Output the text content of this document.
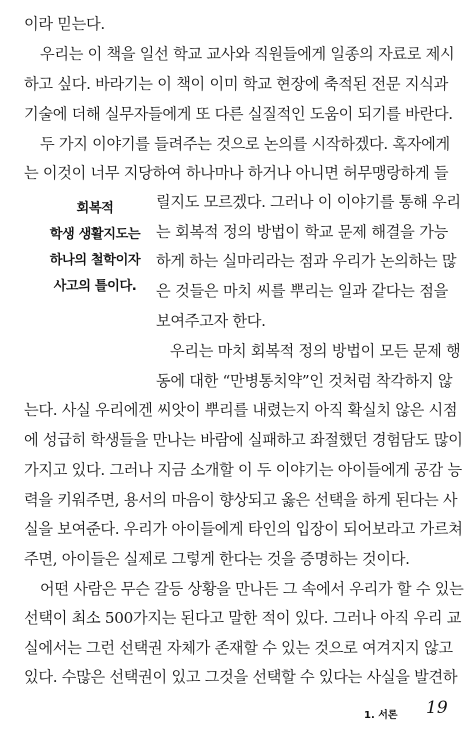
이라 믿는다.
우리는 이 책을 일선 학교 교사와 직원들에게 일종의 자료로 제시
하고 싶다. 바라기는 이 책이 이미 학교 현장에 축적된 전문 지식과
기술에 더해 실무자들에게 또 다른 실질적인 도움이 되기를 바란다.
두 가지 이야기를 들려주는 것으로 논의를 시작하겠다. 혹자에게
는 이것이 너무 지당하여 하나마나 하거나 아니면 허무맹랑하게 들
회복적
학생 생활지도는
하나의 철학이자
사고의 틀이다.
릴지도 모르겠다. 그러나 이 이야기를 통해 우리
는 회복적 정의 방법이 학교 문제 해결을 가능
하게 하는 실마리라는 점과 우리가 논의하는 많
은 것들은 마치 씨를 뿌리는 일과 같다는 점을
보여주고자 한다.
우리는 마치 회복적 정의 방법이 모든 문제 행
동에 대한 “만병통치약”인 것처럼 착각하지 않
는다. 사실 우리에겐 씨앗이 뿌리를 내렸는지 아직 확실치 않은 시점
에 성급히 학생들을 만나는 바람에 실패하고 좌절했던 경험담도 많이
가지고 있다. 그러나 지금 소개할 이 두 이야기는 아이들에게 공감 능
력을 키워주면, 용서의 마음이 향상되고 옳은 선택을 하게 된다는 사
실을 보여준다. 우리가 아이들에게 타인의 입장이 되어보라고 가르쳐
주면, 아이들은 실제로 그렇게 한다는 것을 증명하는 것이다.
어떤 사람은 무슨 갈등 상황을 만나든 그 속에서 우리가 할 수 있는
선택이 최소 500가지는 된다고 말한 적이 있다. 그러나 아직 우리 교
실에서는 그런 선택권 자체가 존재할 수 있는 것으로 여겨지지 않고
있다. 수많은 선택권이 있고 그것을 선택할 수 있다는 사실을 발견하
1. 서론 19
